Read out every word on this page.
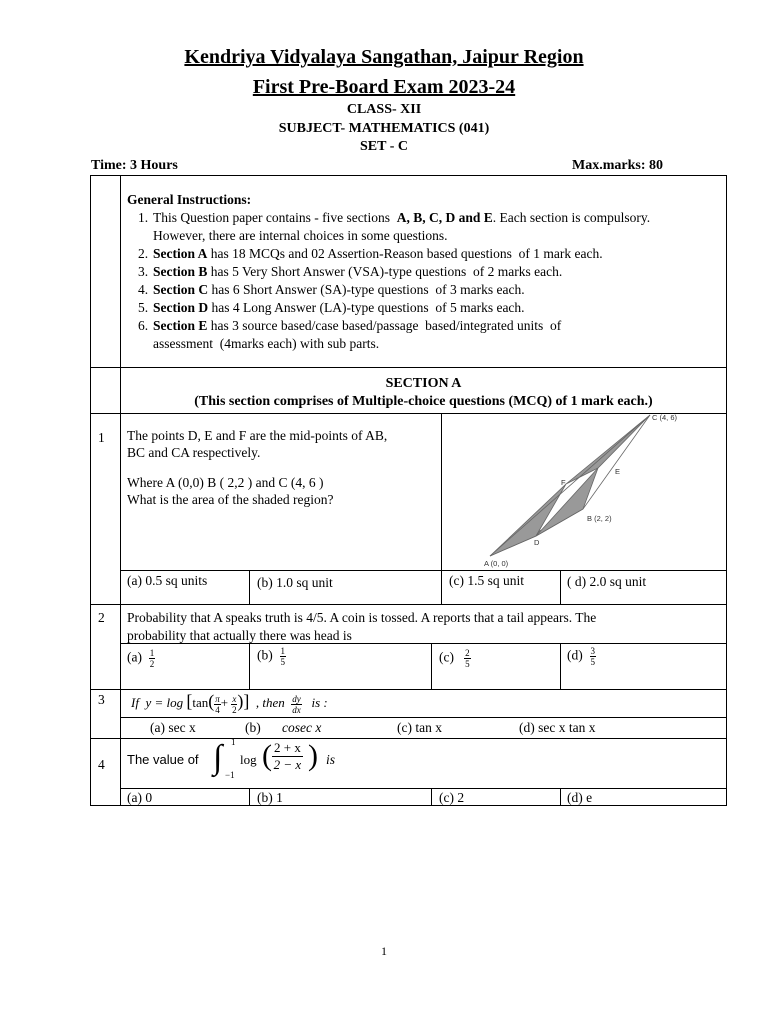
Kendriya Vidyalaya Sangathan, Jaipur Region
First Pre-Board Exam 2023-24
CLASS- XII
SUBJECT- MATHEMATICS (041)
SET - C
Time: 3 Hours	Max.marks: 80
General Instructions:
1. This Question paper contains - five sections  A, B, C, D and E. Each section is compulsory.
However, there are internal choices in some questions.
2. Section A has 18 MCQs and 02 Assertion-Reason based questions  of 1 mark each.
3. Section B has 5 Very Short Answer (VSA)-type questions  of 2 marks each.
4. Section C has 6 Short Answer (SA)-type questions  of 3 marks each.
5. Section D has 4 Long Answer (LA)-type questions  of 5 marks each.
6. Section E has 3 source based/case based/passage  based/integrated units  of
assessment  (4marks each) with sub parts.
SECTION A
(This section comprises of Multiple-choice questions (MCQ) of 1 mark each.)
1 The points D, E and F are the mid-points of AB,
BC and CA respectively.
Where A (0,0) B ( 2,2 ) and C (4, 6 )
What is the area of the shaded region?
C (4, 6)
E
F
B (2, 2)
D
A (0, 0)
(a) 0.5 sq units	(b) 1.0 sq unit	(c) 1.5 sq unit	( d) 2.0 sq unit
2 Probability that A speaks truth is 4/5. A coin is tossed. A reports that a tail appears. The
probability that actually there was head is
$(a) \frac{1}{2}$	$(b) \frac{1}{5}$	$(c) \frac{2}{5}$	$(d) \frac{3}{5}$
3 If $y = \log [\tan( \frac{\pi}{4} + \frac{x}{2}$ )] , then $\frac{dy}{dx}$ is :
(a) sec x	(b) cosec x	(c) tan x	(d) sec x tan x
4 The value of ∫ 1
−1
log ( $\frac{2 + x}{2 - x}$ ) is
(a) 0	(b) 1	(c) 2	(d) e
1
